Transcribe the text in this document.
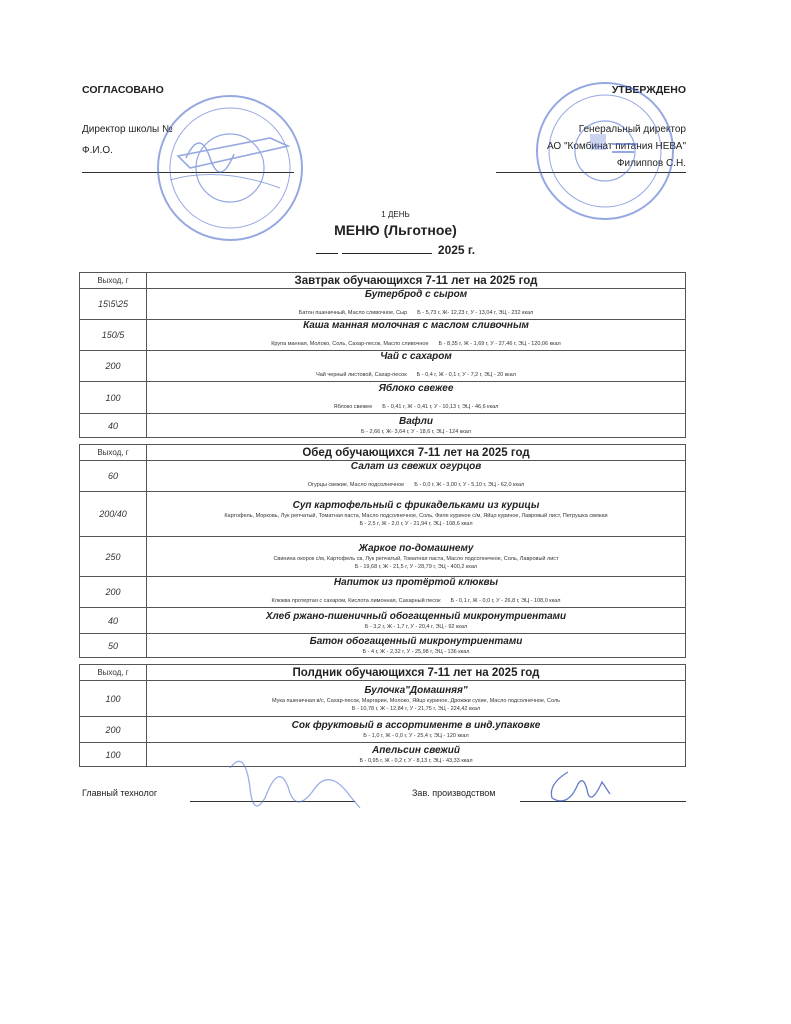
СОГЛАСОВАНО
Директор школы №
Ф.И.О.
УТВЕРЖДЕНО
Генеральный директор
АО "Комбинат питания НЕВА"
Филиппов С.Н.
1 ДЕНЬ
МЕНЮ (Льготное)
2025 г.
Выход, г	Завтрак обучающихся 7-11 лет на 2025 год
15\5\25	Бутерброд с сыром
Батон пшеничный, Масло сливочное, Сыр Б - 5,73 г, Ж- 12,23 г, У - 13,04 г, ЭЦ - 232 ккал

150/5	Каша манная молочная с маслом сливочным
Крупа манная, Молоко, Соль, Сахар-песок, Масло сливочное Б - 8,35 г, Ж - 1,69 г, У - 27,46 г, ЭЦ - 120,06 ккал

200	Чай с сахаром
Чай черный листовой, Сахар-песок Б - 0,4 г, Ж - 0,1 г, У - 7,2 г, ЭЦ - 20 ккал

100	Яблоко свежее
Яблоко свежее Б - 0,41 г, Ж - 0,41 г, У - 10,13 г, ЭЦ - 46,6 ккал

40	Вафли
Б - 2,66 г, Ж- 3,64 г, У - 18,6 г, ЭЦ - 124 ккал
Выход, г	Обед обучающихся 7-11 лет на 2025 год
60	Салат из свежих огурцов
Огурцы свежие, Масло подсолнечное Б - 0,0 г, Ж - 3,00 г, У - 5,10 г, ЭЦ - 62,0 ккал

200/40	Суп картофельный с фрикадельками из курицы
Картофель, Морковь, Лук репчатый, Томатная паста, Масло подсолнечное, Соль, Филе куриное с/м, Яйцо куриное, Лавровый лист, Петрушка свежая
Б - 2,5 г, Ж - 2,0 г, У - 21,94 г, ЭЦ - 108,6 ккал

250	Жаркое по-домашнему
Свинина окорок с/м, Картофель св, Лук репчатый, Томатная паста, Масло подсолнечное, Соль, Лавровый лист
Б - 19,68 г, Ж - 21,5 г, У - 28,79 г, ЭЦ - 400,2 ккал

200	Напиток из протёртой клюквы
Клюква протертая с сахаром, Кислота лимонная, Сахарный песок Б - 0,1 г, Ж - 0,0 г, У - 26,8 г, ЭЦ - 108,0 ккал

40	Хлеб ржано-пшеничный обогащенный микронутриентами
Б - 3,2 г, Ж - 1,7 г, У - 20,4 г, ЭЦ - 92 ккал

50	Батон обогащенный микронутриентами
Б - 4 г, Ж - 2,32 г, У - 25,98 г, ЭЦ - 136 ккал
Выход, г	Полдник обучающихся 7-11 лет на 2025 год
100	Булочка"Домашняя"
Мука пшеничная в/с, Сахар-песок, Маргарин, Молоко, Яйцо куриное, Дрожжи сухие, Масло подсолнечное, Соль
Б - 10,78 г, Ж - 12,84 г, У - 21,75 г, ЭЦ - 224,42 ккал

200	Сок фруктовый в ассортименте в инд.упаковке
Б - 1,0 г, Ж - 0,0 г, У - 25,4 г, ЭЦ - 120 ккал

100	Апельсин свежий
Б - 0,95 г, Ж - 0,2 г, У - 8,13 г, ЭЦ - 43,33 ккал
Главный технолог	Зав. производством
